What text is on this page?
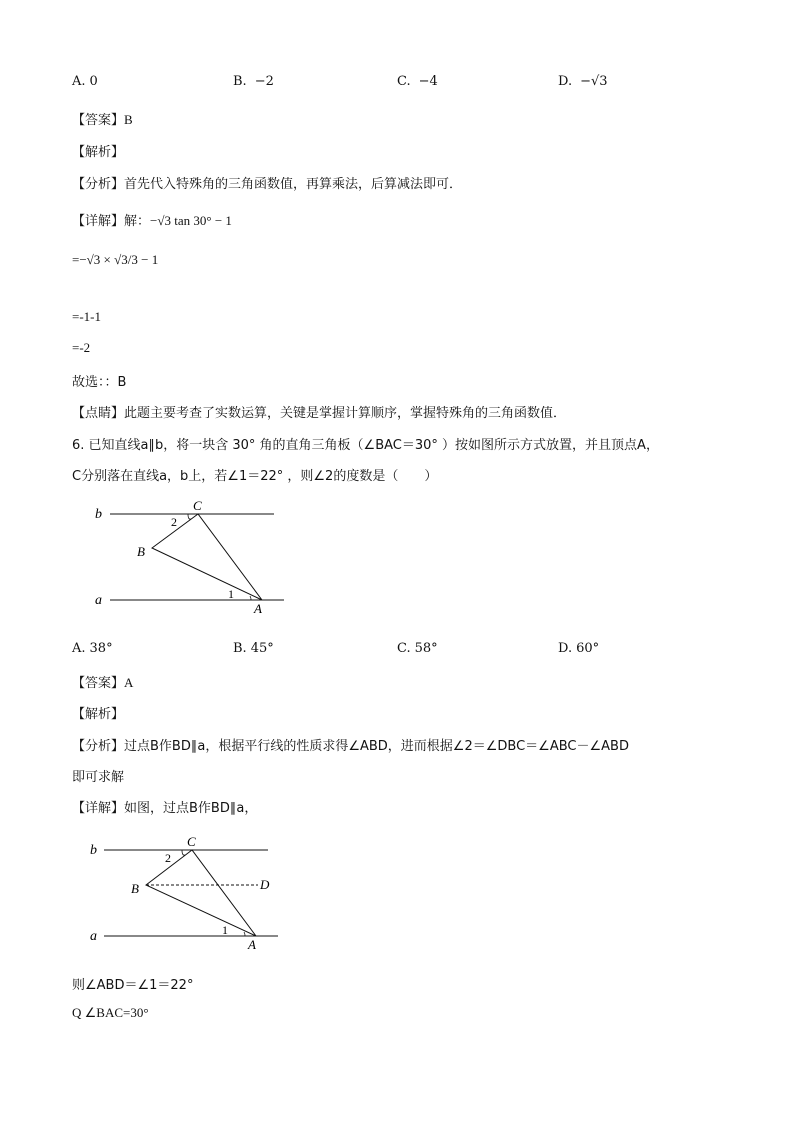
A. 0	B. −2	C. −4	D. −√3
【答案】B
【解析】
【分析】首先代入特殊角的三角函数值，再算乘法，后算减法即可．
【详解】解：−√3 tan 30° − 1
=−√3 × √3/3 − 1
=-1-1
=-2
故选：：B
【点睛】此题主要考查了实数运算，关键是掌握计算顺序，掌握特殊角的三角函数值．
6. 已知直线a∥b，将一块含 30° 角的直角三角板（∠BAC＝30° ）按如图所示方式放置，并且顶点A，
C分别落在直线a，b上，若∠1＝22° ，则∠2的度数是（　　）
b
a
C
B
A
1
2
A. 38°	B. 45°	C. 58°	D. 60°
【答案】A
【解析】
【分析】过点B作BD∥a，根据平行线的性质求得∠ABD，进而根据∠2＝∠DBC＝∠ABC－∠ABD
即可求解
【详解】如图，过点B作BD∥a，
b
a
C
B	D
A
1
2
则∠ABD＝∠1＝22°
Q ∠BAC=30°
